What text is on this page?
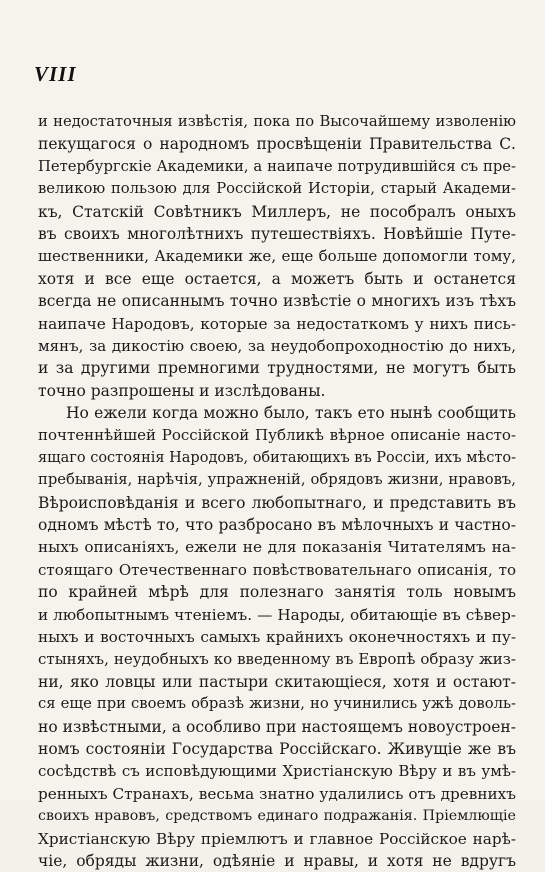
VIII
и недостаточныя извѣстія, пока по Высочайшему изволенію
пекущагося о народномъ просвѣщеніи Правительства С.
Петербургскіе Академики, а наипаче потрудившійся съ пре-
великою пользою для Россійской Исторіи, старый Академи-
къ, Статскій Совѣтникъ Миллеръ, не пособралъ оныхъ
въ своихъ многолѣтнихъ путешествіяхъ. Новѣйшіе Путе-
шественники, Академики же, еще больше допомогли тому,
хотя и все еще остается, а можетъ быть и останется
всегда не описаннымъ точно извѣстіе о многихъ изъ тѣхъ
наипаче Народовъ, которые за недостаткомъ у нихъ пись-
мянъ, за дикостію своею, за неудобопроходностію до нихъ,
и за другими премногими трудностями, не могутъ быть
точно разпрошены и изслѣдованы.
Но ежели когда можно было, такъ ето нынѣ сообщить
почтеннѣйшей Россійской Публикѣ вѣрное описаніе насто-
ящаго состоянія Народовъ, обитающихъ въ Россіи, ихъ мѣсто-
пребыванія, нарѣчія, упражненій, обрядовъ жизни, нравовъ,
Вѣроисповѣданія и всего любопытнаго, и представить въ
одномъ мѣстѣ то, что разбросано въ мѣлочныхъ и частно-
ныхъ описаніяхъ, ежели не для показанія Читателямъ на-
стоящаго Отечественнаго повѣствовательнаго описанія, то
по крайней мѣрѣ для полезнаго занятія толь новымъ
и любопытнымъ чтеніемъ. — Народы, обитающіе въ сѣвер-
ныхъ и восточныхъ самыхъ крайнихъ оконечностяхъ и пу-
стыняхъ, неудобныхъ ко введенному въ Европѣ образу жиз-
ни, яко ловцы или пастыри скитающіеся, хотя и остают-
ся еще при своемъ образѣ жизни, но учинились ужѣ доволь-
но извѣстными, а особливо при настоящемъ новоустроен-
номъ состояніи Государства Россійскаго. Живущіе же въ
сосѣдствѣ съ исповѣдующими Христіанскую Вѣру и въ умѣ-
ренныхъ Странахъ, весьма знатно удалились отъ древнихъ
своихъ нравовъ, средствомъ единаго подражанія. Пріемлющіе
Христіанскую Вѣру пріемлютъ и главное Россійское нарѣ-
чіе, обряды жизни, одѣяніе и нравы, и хотя не вдругъ
